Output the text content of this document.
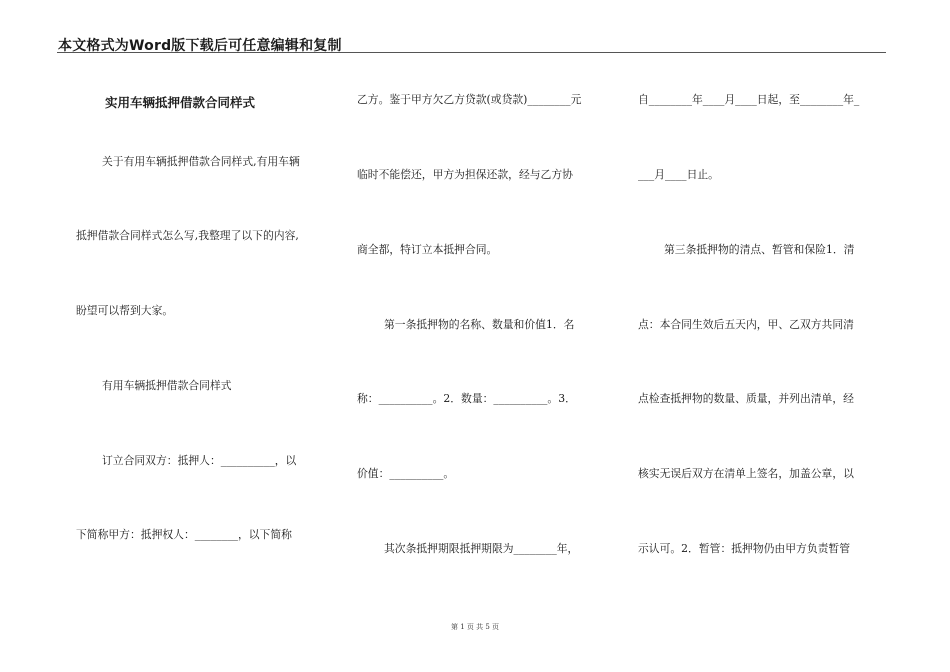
本文格式为Word版下载后可任意编辑和复制
实用车辆抵押借款合同样式
关于有用车辆抵押借款合同样式,有用车辆
抵押借款合同样式怎么写,我整理了以下的内容,
盼望可以帮到大家。
有用车辆抵押借款合同样式
订立合同双方：抵押人：__________，以
下简称甲方：抵押权人：________，以下简称
乙方。鉴于甲方欠乙方贷款(或贷款)________元
临时不能偿还，甲方为担保还款，经与乙方协
商全都，特订立本抵押合同。
第一条抵押物的名称、数量和价值1．名
称：__________。2．数量：__________。3．
价值：__________。
其次条抵押期限抵押期限为________年，
自________年____月____日起，至________年_
___月____日止。
第三条抵押物的清点、暂管和保险1．清
点：本合同生效后五天内，甲、乙双方共同清
点检查抵押物的数量、质量，并列出清单，经
核实无误后双方在清单上签名，加盖公章，以
示认可。2．暂管：抵押物仍由甲方负责暂管
第 1 页 共 5 页
